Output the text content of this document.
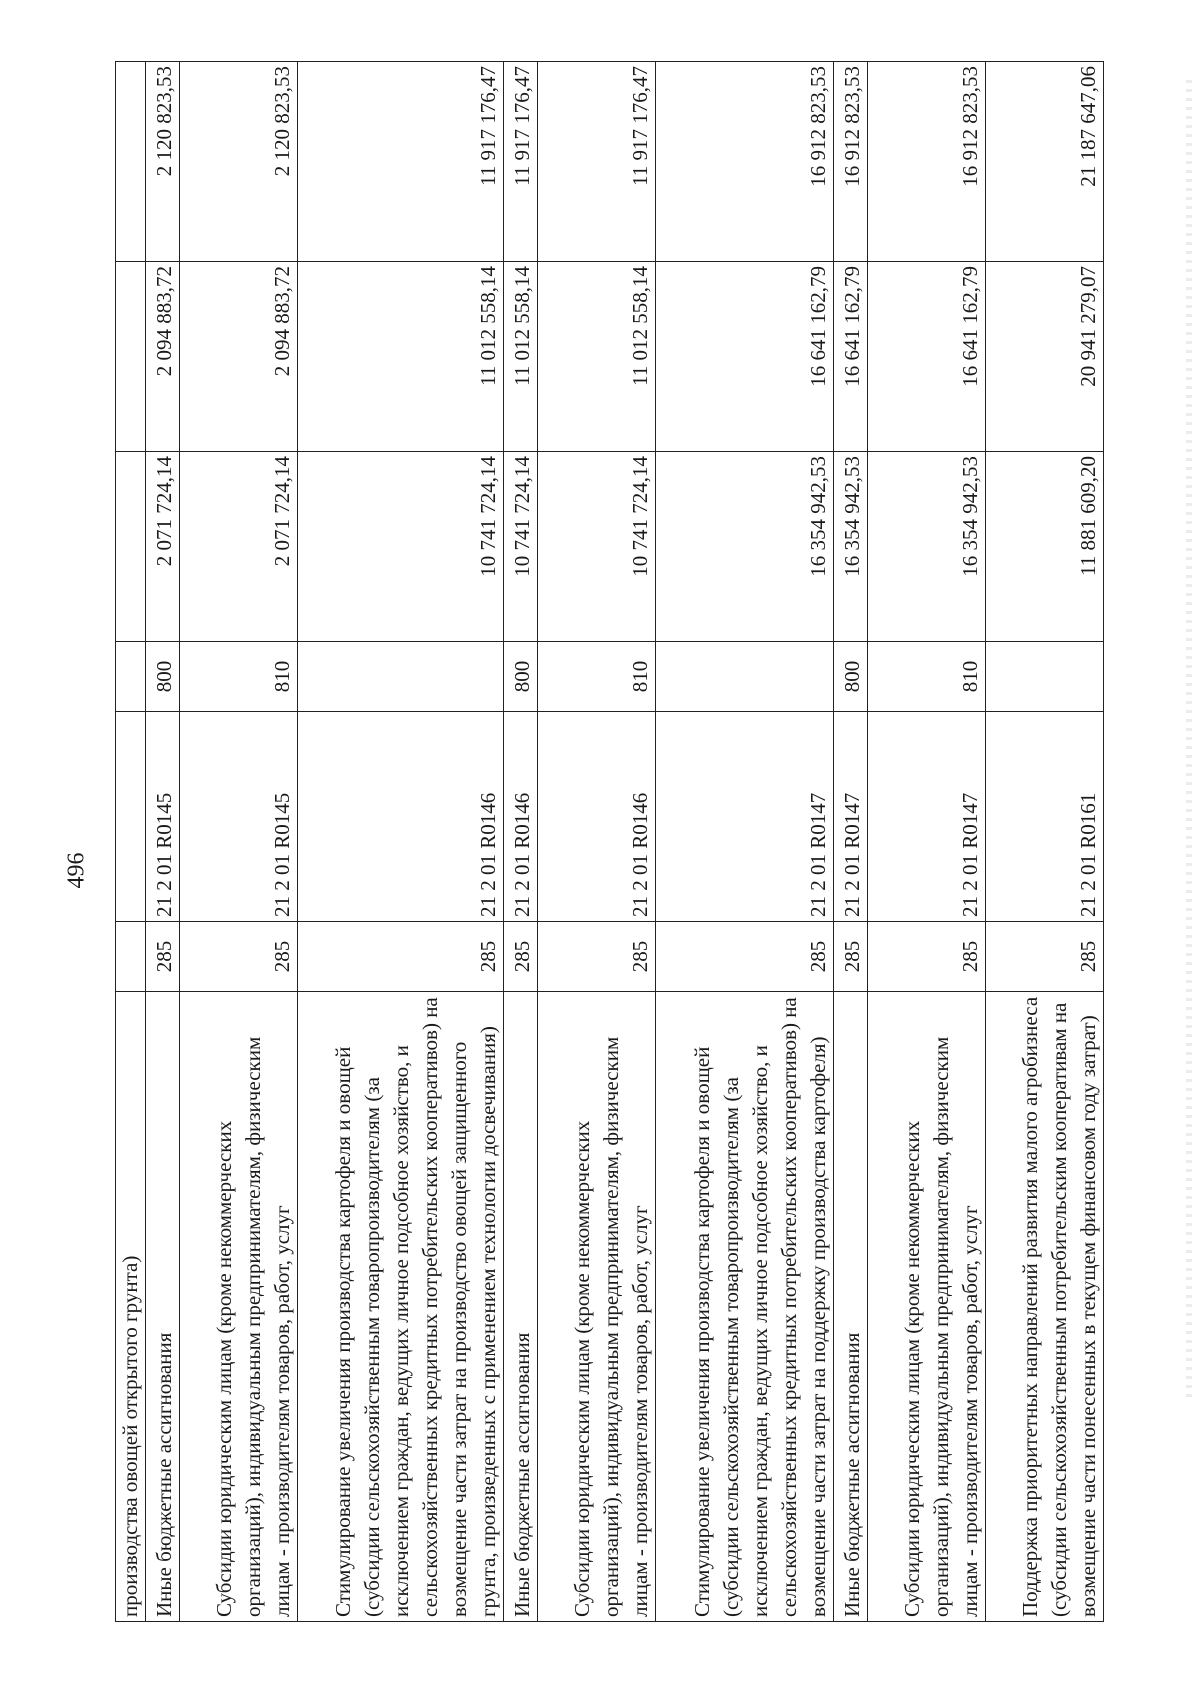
496
производства овощей открытого грунта)						
Иные бюджетные ассигнования	285	21 2 01 R0145	800	2 071 724,14	2 094 883,72	2 120 823,53
Субсидии юридическим лицам (кроме некоммерческих организаций), индивидуальным предпринимателям, физическим лицам - производителям товаров, работ, услуг	285	21 2 01 R0145	810	2 071 724,14	2 094 883,72	2 120 823,53
Стимулирование увеличения производства картофеля и овощей (субсидии сельскохозяйственным товаропроизводителям (за исключением граждан, ведущих личное подсобное хозяйство, и сельскохозяйственных кредитных потребительских кооперативов) на возмещение части затрат на производство овощей защищенного грунта, произведенных с применением технологии досвечивания)	285	21 2 01 R0146		10 741 724,14	11 012 558,14	11 917 176,47
Иные бюджетные ассигнования	285	21 2 01 R0146	800	10 741 724,14	11 012 558,14	11 917 176,47
Субсидии юридическим лицам (кроме некоммерческих организаций), индивидуальным предпринимателям, физическим лицам - производителям товаров, работ, услуг	285	21 2 01 R0146	810	10 741 724,14	11 012 558,14	11 917 176,47
Стимулирование увеличения производства картофеля и овощей (субсидии сельскохозяйственным товаропроизводителям (за исключением граждан, ведущих личное подсобное хозяйство, и сельскохозяйственных кредитных потребительских кооперативов) на возмещение части затрат на поддержку производства картофеля)	285	21 2 01 R0147		16 354 942,53	16 641 162,79	16 912 823,53
Иные бюджетные ассигнования	285	21 2 01 R0147	800	16 354 942,53	16 641 162,79	16 912 823,53
Субсидии юридическим лицам (кроме некоммерческих организаций), индивидуальным предпринимателям, физическим лицам - производителям товаров, работ, услуг	285	21 2 01 R0147	810	16 354 942,53	16 641 162,79	16 912 823,53
Поддержка приоритетных направлений развития малого агробизнеса (субсидии сельскохозяйственным потребительским кооперативам на возмещение части понесенных в текущем финансовом году затрат)	285	21 2 01 R0161		11 881 609,20	20 941 279,07	21 187 647,06
